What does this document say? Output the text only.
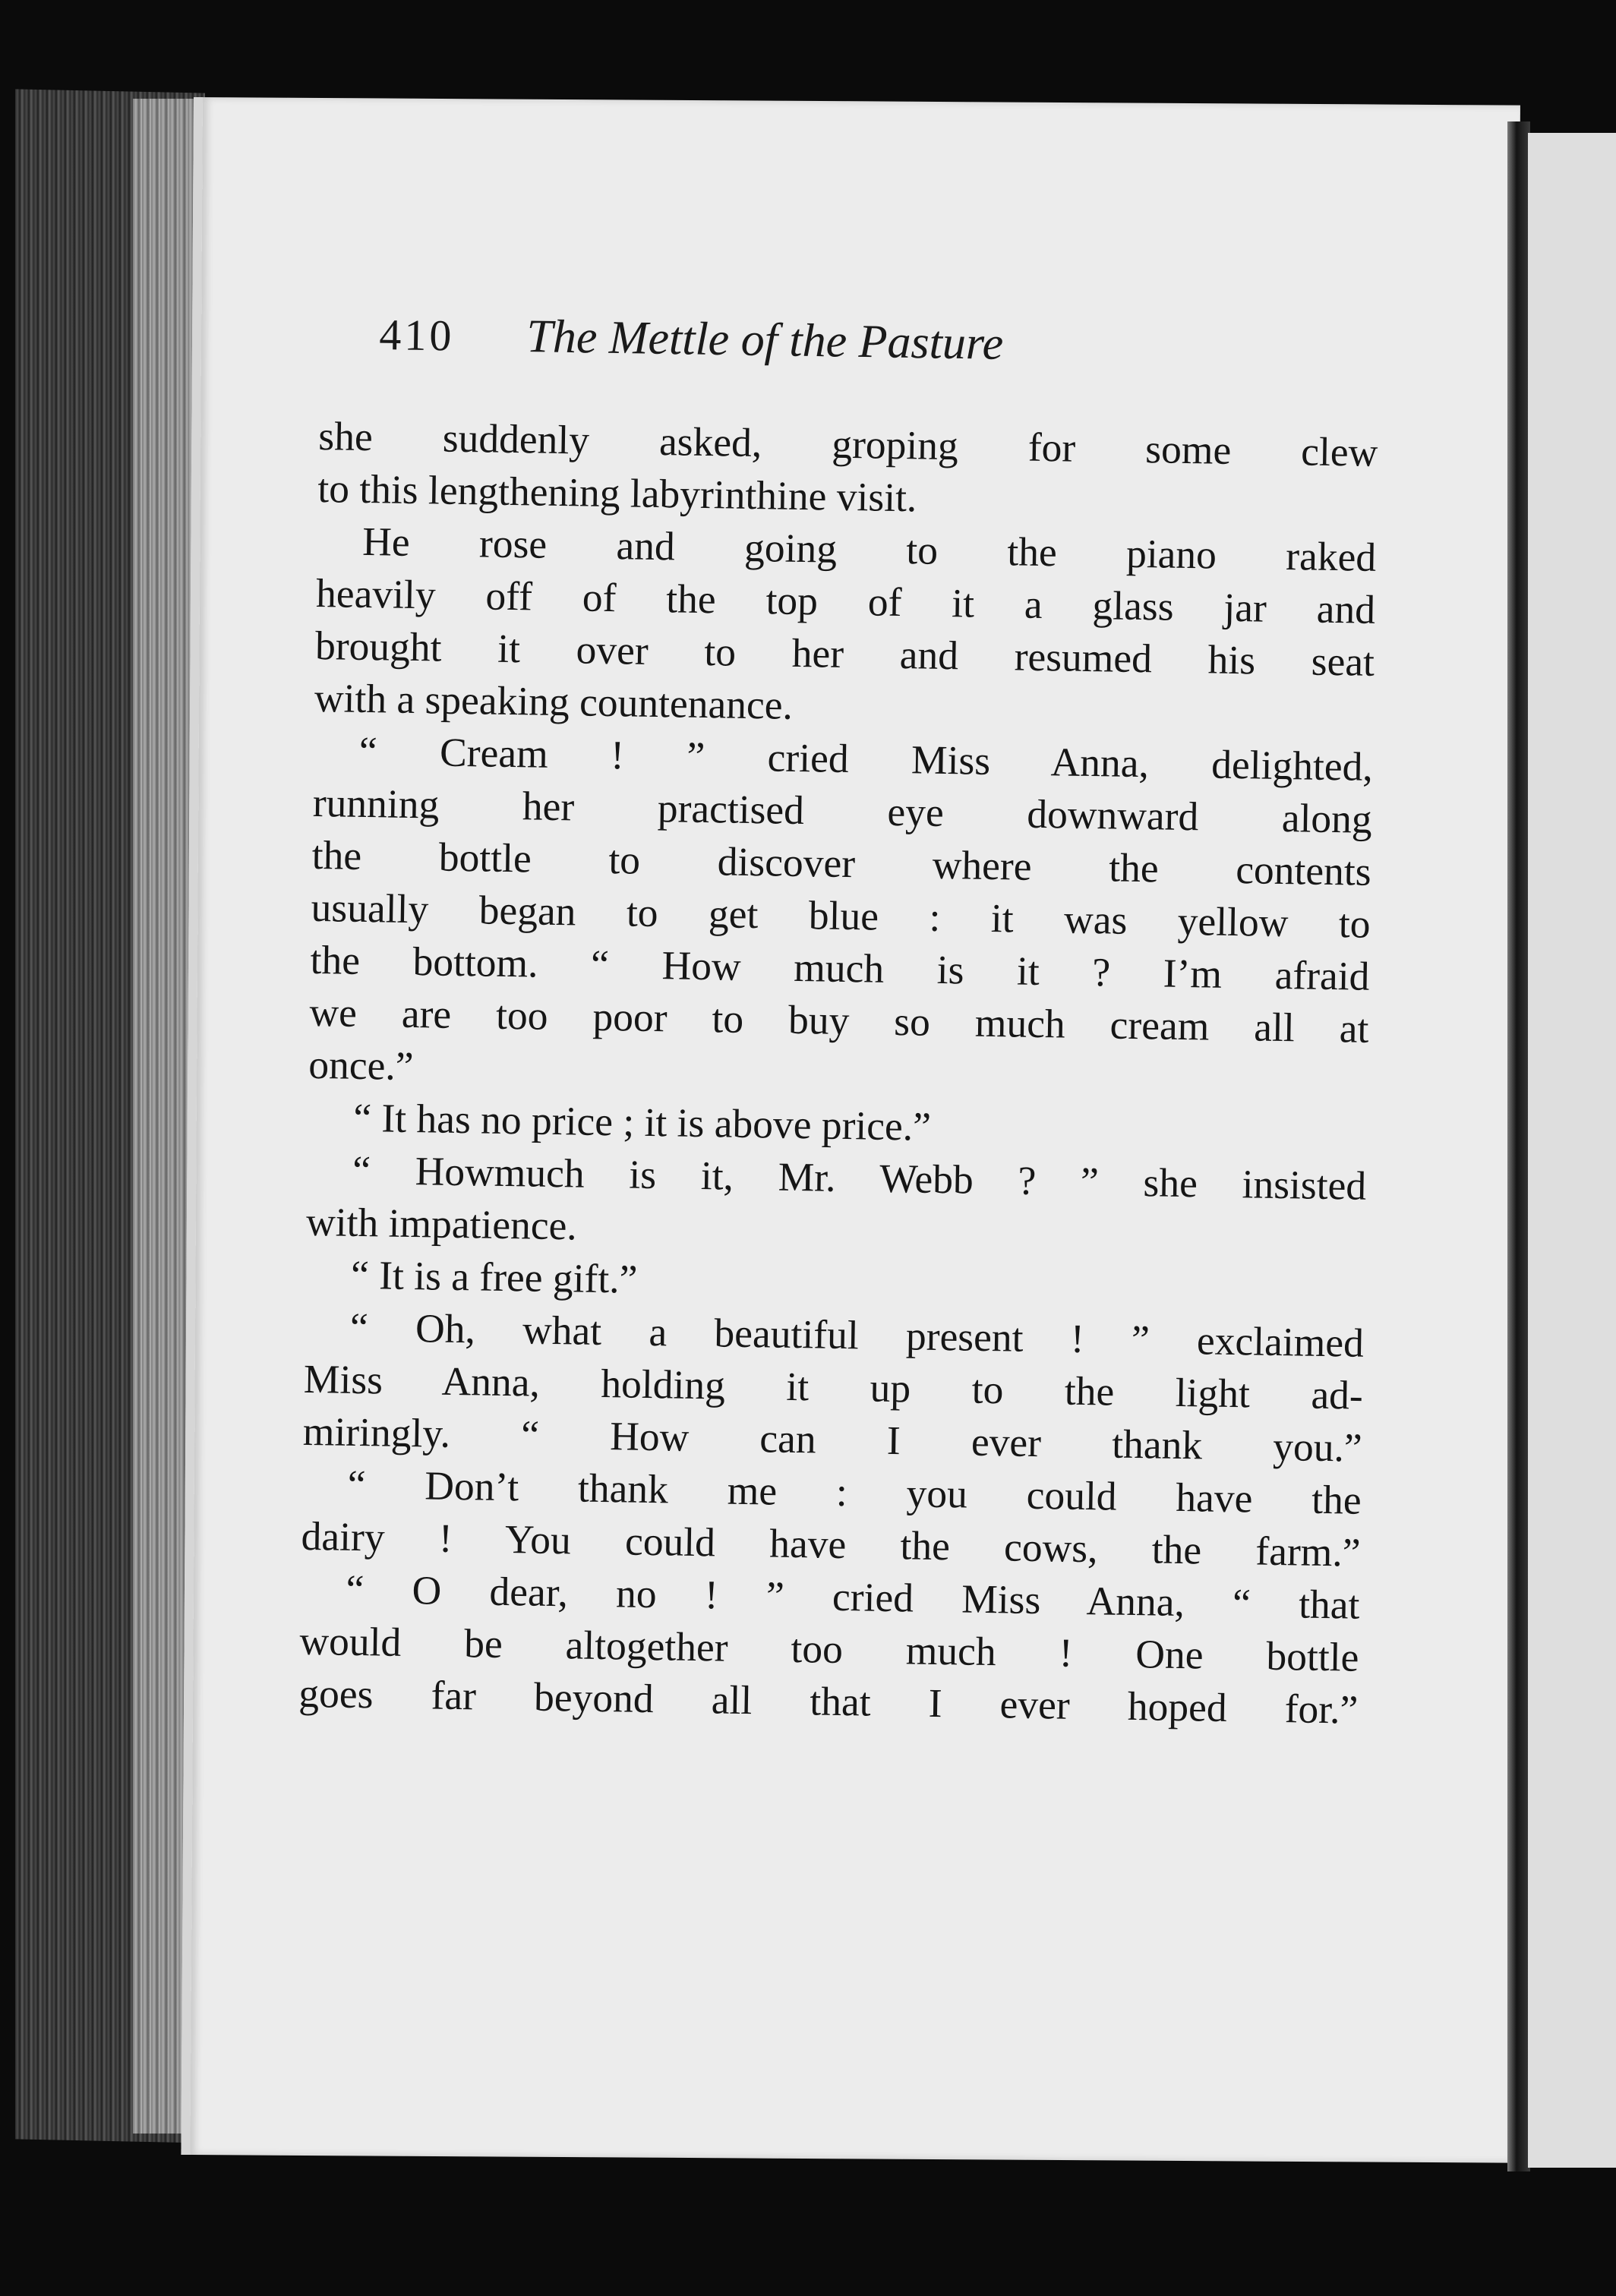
410 The Mettle of the Pasture
she suddenly asked, groping for some clew
to this lengthening labyrinthine visit.
He rose and going to the piano raked
heavily off of the top of it a glass jar and
brought it over to her and resumed his seat
with a speaking countenance.
“ Cream ! ” cried Miss Anna, delighted,
running her practised eye downward along
the bottle to discover where the contents
usually began to get blue : it was yellow to
the bottom. “ How much is it ? I’m afraid
we are too poor to buy so much cream all at
once.”
“ It has no price ; it is above price.”
“ Howmuch is it, Mr. Webb ? ” she insisted
with impatience.
“ It is a free gift.”
“ Oh, what a beautiful present ! ” exclaimed
Miss Anna, holding it up to the light ad-
miringly. “ How can I ever thank you.”
“ Don’t thank me : you could have the
dairy ! You could have the cows, the farm.”
“ O dear, no ! ” cried Miss Anna, “ that
would be altogether too much ! One bottle
goes far beyond all that I ever hoped for.”
